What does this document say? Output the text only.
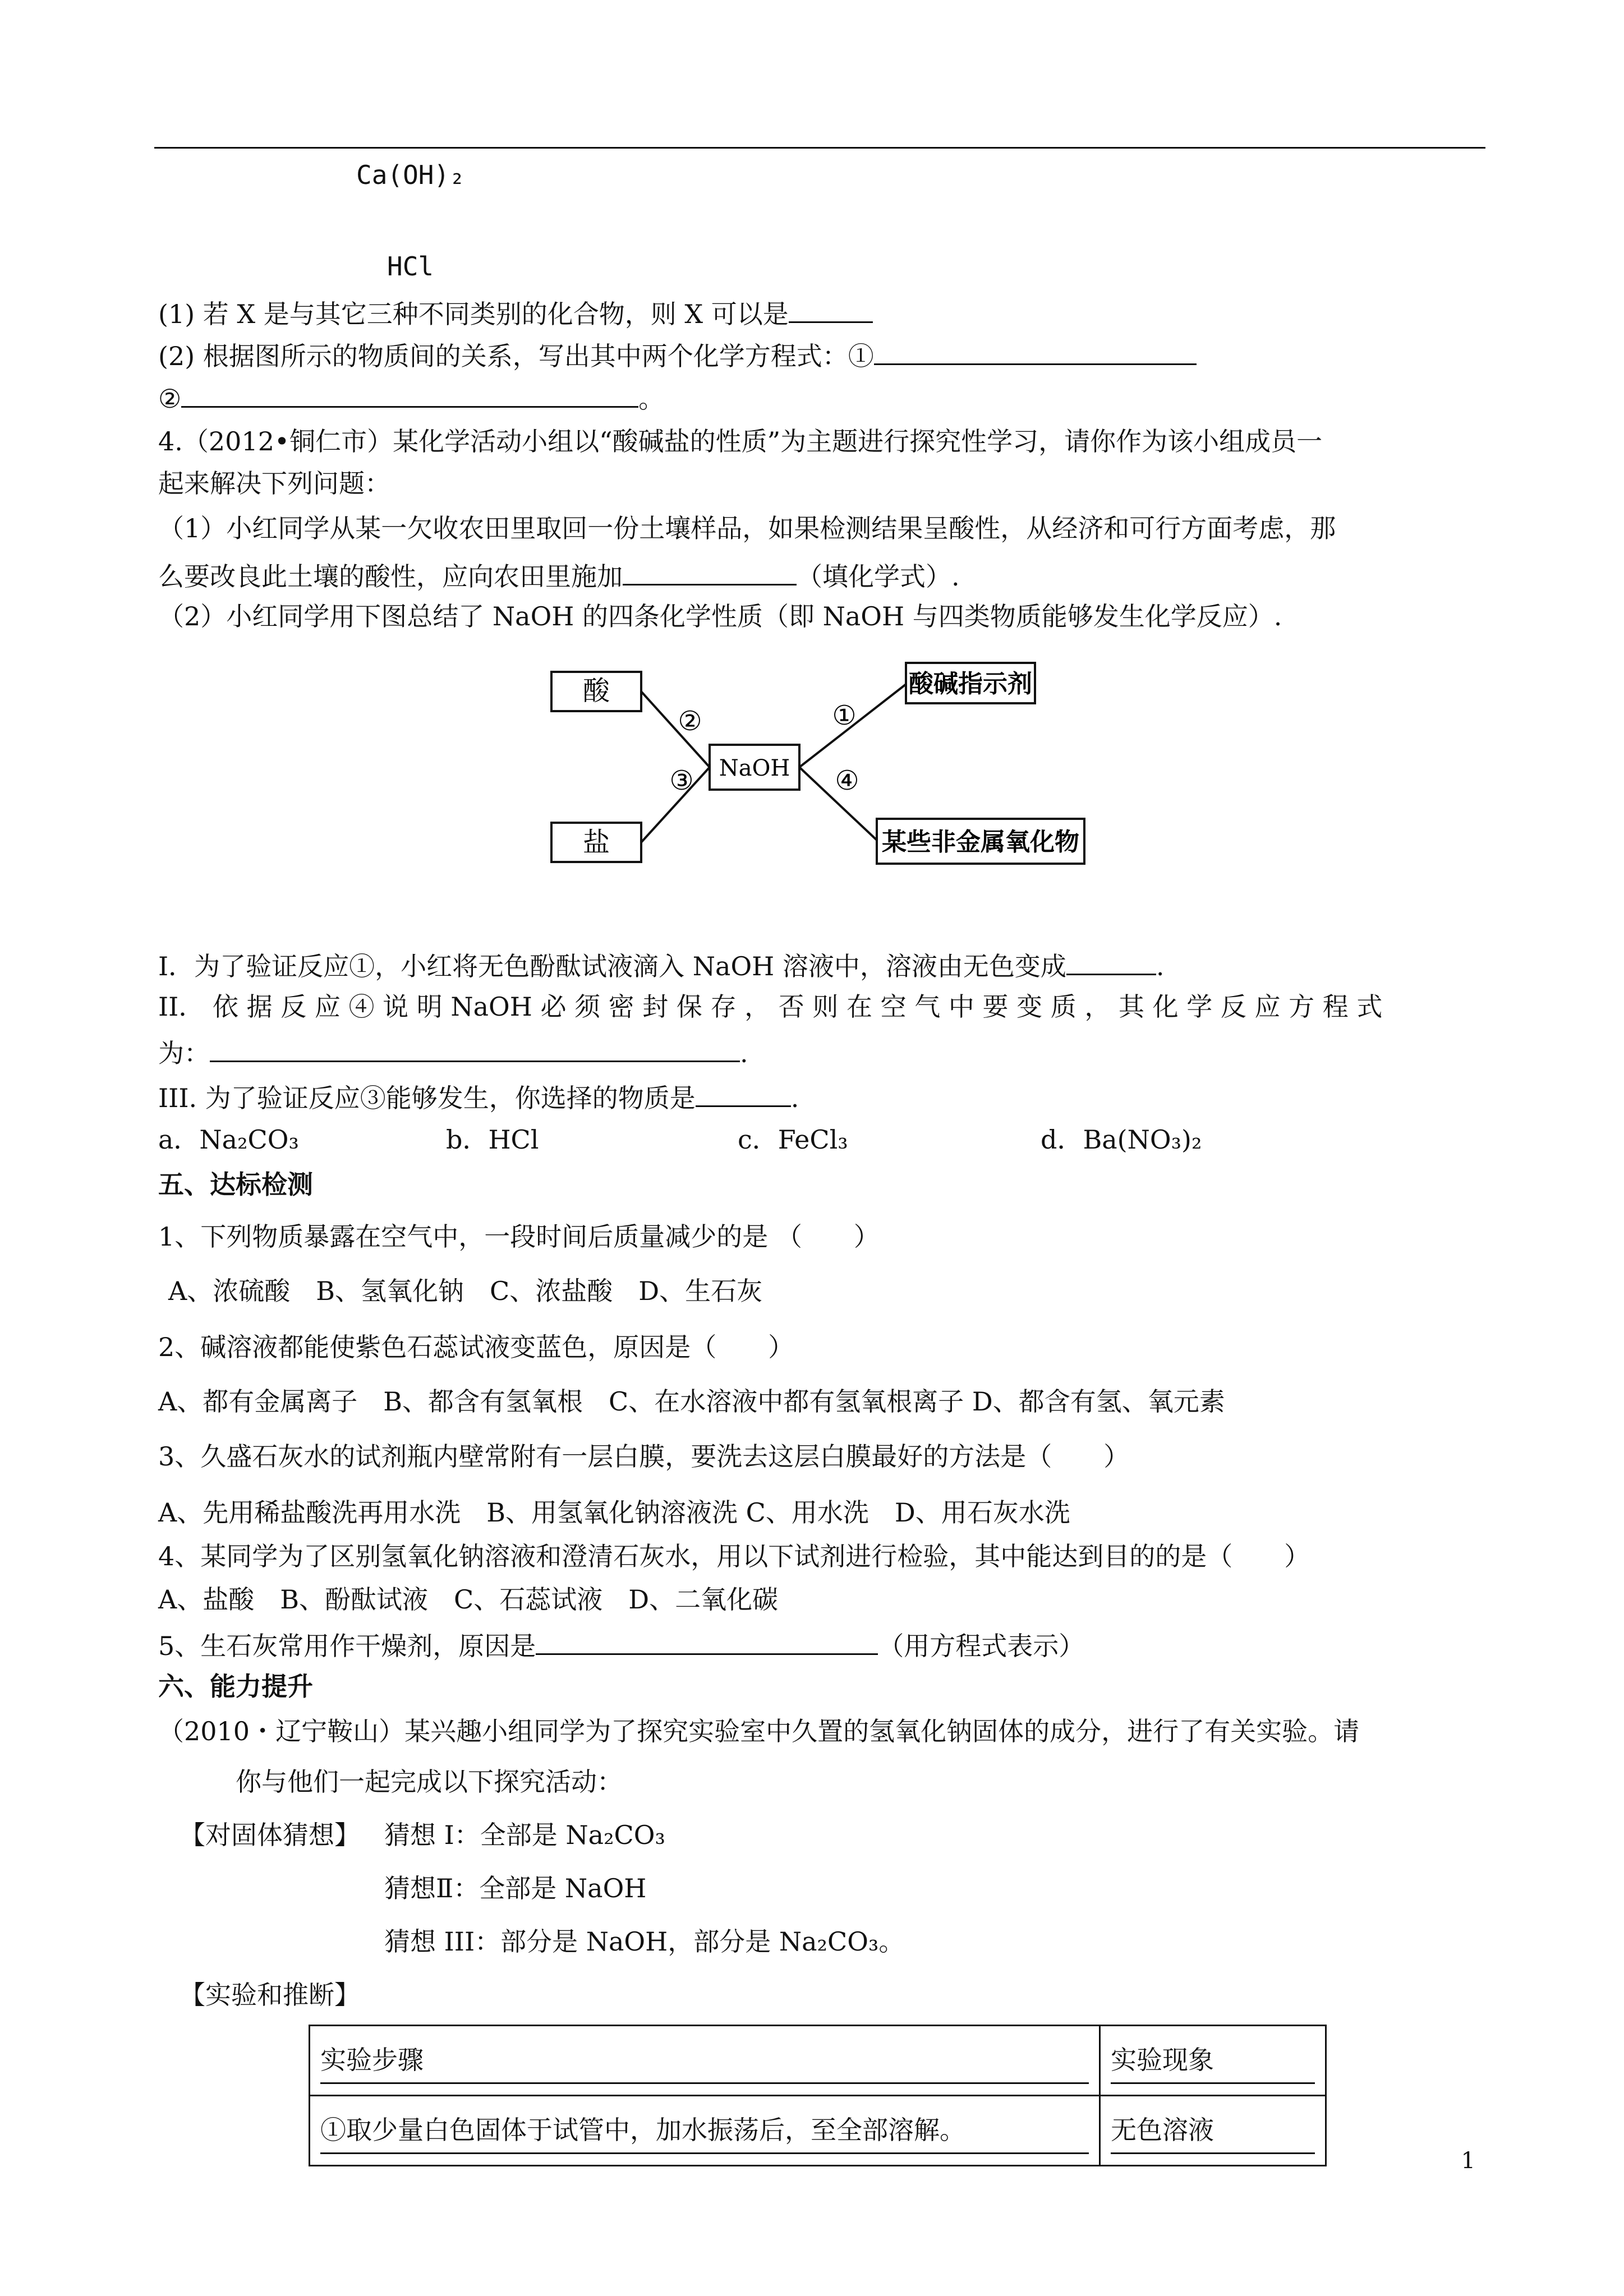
Ca(OH)₂
HCl
(1) 若 X 是与其它三种不同类别的化合物，则 X 可以是
(2) 根据图所示的物质间的关系，写出其中两个化学方程式：①
②	。
4.（2012•铜仁市）某化学活动小组以“酸碱盐的性质”为主题进行探究性学习，请你作为该小组成员一
起来解决下列问题：
（1）小红同学从某一欠收农田里取回一份土壤样品，如果检测结果呈酸性，从经济和可行方面考虑，那
么要改良此土壤的酸性，应向农田里施加	（填化学式）.
（2）小红同学用下图总结了 NaOH 的四条化学性质（即 NaOH 与四类物质能够发生化学反应）.
酸
盐
酸碱指示剂
某些非金属氧化物
NaOH
②	①
③	④
I．为了验证反应①，小红将无色酚酞试液滴入 NaOH 溶液中，溶液由无色变成	.
II． 依 据 反 应 ④ 说 明 NaOH 必 须 密 封 保 存 ， 否 则 在 空 气 中 要 变 质 ， 其 化 学 反 应 方 程 式
为：	.
III. 为了验证反应③能够发生，你选择的物质是	.
a．Na₂CO₃	b．HCl	c．FeCl₃	d．Ba(NO₃)₂
五、达标检测
1、下列物质暴露在空气中，一段时间后质量减少的是 （　　）
A、浓硫酸　B、氢氧化钠　C、浓盐酸　D、生石灰
2、碱溶液都能使紫色石蕊试液变蓝色，原因是（　　）
A、都有金属离子　B、都含有氢氧根　C、在水溶液中都有氢氧根离子 D、都含有氢、氧元素
3、久盛石灰水的试剂瓶内壁常附有一层白膜，要洗去这层白膜最好的方法是（　　）
A、先用稀盐酸洗再用水洗　B、用氢氧化钠溶液洗 C、用水洗　D、用石灰水洗
4、某同学为了区别氢氧化钠溶液和澄清石灰水，用以下试剂进行检验，其中能达到目的的是（　　）
A、盐酸　B、酚酞试液　C、石蕊试液　D、二氧化碳
5、生石灰常用作干燥剂，原因是	（用方程式表示）
六、能力提升
（2010・辽宁鞍山）某兴趣小组同学为了探究实验室中久置的氢氧化钠固体的成分，进行了有关实验。请
你与他们一起完成以下探究活动：
【对固体猜想】 猜想 I：全部是 Na₂CO₃
猜想Ⅱ：全部是 NaOH
猜想 III：部分是 NaOH，部分是 Na₂CO₃。
【实验和推断】
实验步骤	实验现象

①取少量白色固体于试管中，加水振荡后，至全部溶解。	无色溶液
1
